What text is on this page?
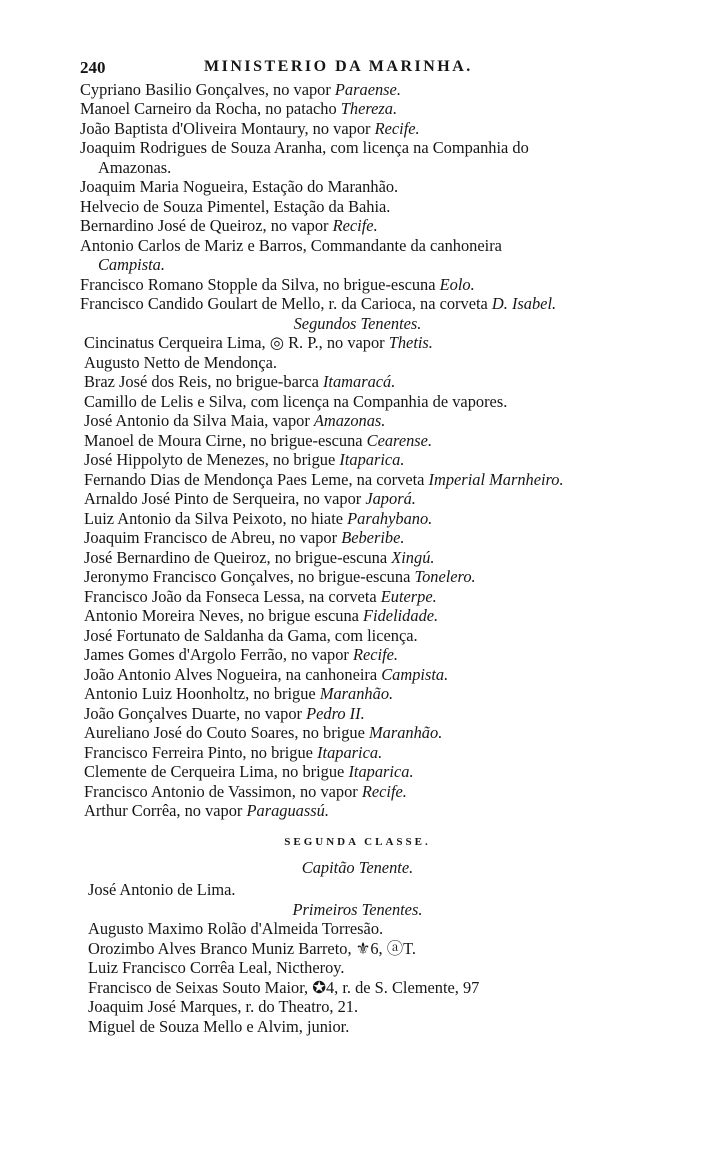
240	MINISTERIO DA MARINHA.
Cypriano Basilio Gonçalves, no vapor Paraense.
Manoel Carneiro da Rocha, no patacho Thereza.
João Baptista d'Oliveira Montaury, no vapor Recife.
Joaquim Rodrigues de Souza Aranha, com licença na Companhia do
Amazonas.
Joaquim Maria Nogueira, Estação do Maranhão.
Helvecio de Souza Pimentel, Estação da Bahia.
Bernardino José de Queiroz, no vapor Recife.
Antonio Carlos de Mariz e Barros, Commandante da canhoneira
Campista.
Francisco Romano Stopple da Silva, no brigue-escuna Eolo.
Francisco Candido Goulart de Mello, r. da Carioca, na corveta D. Isabel.
Segundos Tenentes.
Cincinatus Cerqueira Lima, ◎ R. P., no vapor Thetis.
Augusto Netto de Mendonça.
Braz José dos Reis, no brigue-barca Itamaracá.
Camillo de Lelis e Silva, com licença na Companhia de vapores.
José Antonio da Silva Maia, vapor Amazonas.
Manoel de Moura Cirne, no brigue-escuna Cearense.
José Hippolyto de Menezes, no brigue Itaparica.
Fernando Dias de Mendonça Paes Leme, na corveta Imperial Marnheiro.
Arnaldo José Pinto de Serqueira, no vapor Japorá.
Luiz Antonio da Silva Peixoto, no hiate Parahybano.
Joaquim Francisco de Abreu, no vapor Beberibe.
José Bernardino de Queiroz, no brigue-escuna Xingú.
Jeronymo Francisco Gonçalves, no brigue-escuna Tonelero.
Francisco João da Fonseca Lessa, na corveta Euterpe.
Antonio Moreira Neves, no brigue escuna Fidelidade.
José Fortunato de Saldanha da Gama, com licença.
James Gomes d'Argolo Ferrão, no vapor Recife.
João Antonio Alves Nogueira, na canhoneira Campista.
Antonio Luiz Hoonholtz, no brigue Maranhão.
João Gonçalves Duarte, no vapor Pedro II.
Aureliano José do Couto Soares, no brigue Maranhão.
Francisco Ferreira Pinto, no brigue Itaparica.
Clemente de Cerqueira Lima, no brigue Itaparica.
Francisco Antonio de Vassimon, no vapor Recife.
Arthur Corrêa, no vapor Paraguassú.
SEGUNDA CLASSE.
Capitão Tenente.
José Antonio de Lima.
Primeiros Tenentes.
Augusto Maximo Rolão d'Almeida Torresão.
Orozimbo Alves Branco Muniz Barreto, ⚜6, ⓐT.
Luiz Francisco Corrêa Leal, Nictheroy.
Francisco de Seixas Souto Maior, ✪4, r. de S. Clemente, 97
Joaquim José Marques, r. do Theatro, 21.
Miguel de Souza Mello e Alvim, junior.
